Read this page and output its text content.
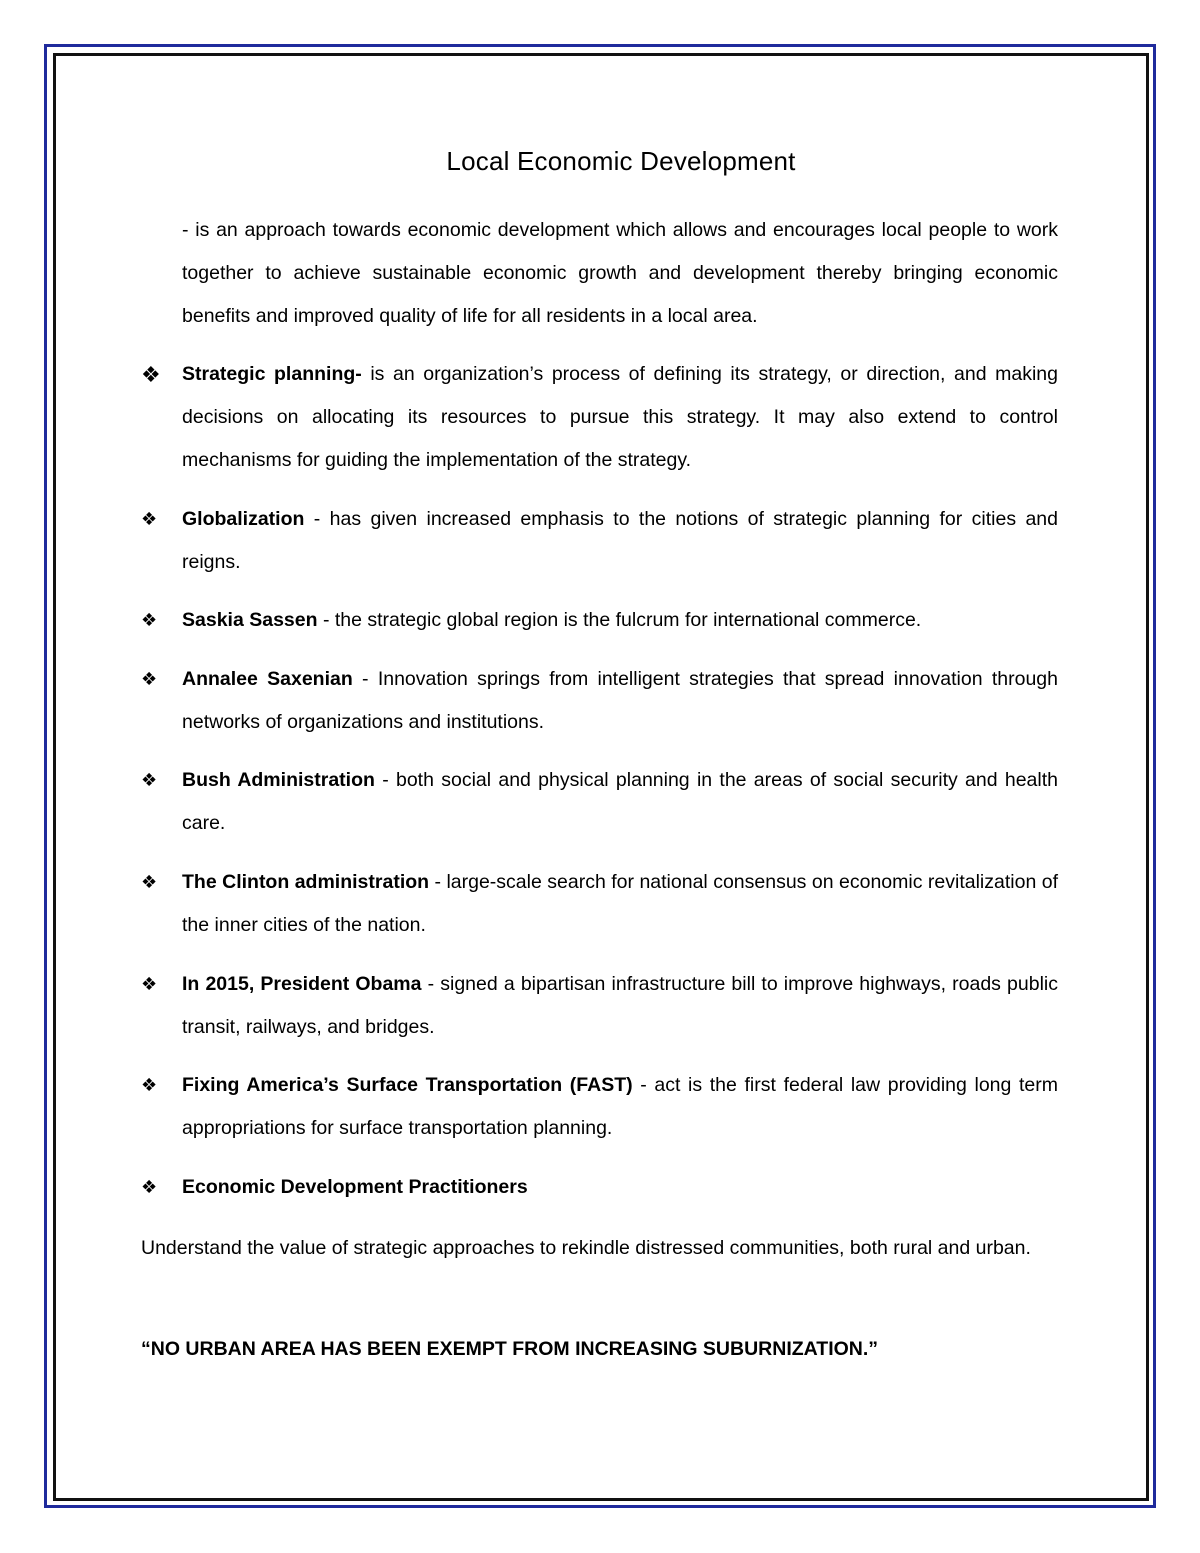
Local Economic Development
- is an approach towards economic development which allows and encourages local people to work together to achieve sustainable economic growth and development thereby bringing economic benefits and improved quality of life for all residents in a local area.
❖	Strategic planning- is an organization’s process of defining its strategy, or direction, and making decisions on allocating its resources to pursue this strategy. It may also extend to control mechanisms for guiding the implementation of the strategy.
❖	Globalization - has given increased emphasis to the notions of strategic planning for cities and reigns.
❖	Saskia Sassen - the strategic global region is the fulcrum for international commerce.
❖	Annalee Saxenian - Innovation springs from intelligent strategies that spread innovation through networks of organizations and institutions.
❖	Bush Administration - both social and physical planning in the areas of social security and health care.
❖	The Clinton administration - large-scale search for national consensus on economic revitalization of the inner cities of the nation.
❖	In 2015, President Obama - signed a bipartisan infrastructure bill to improve highways, roads public transit, railways, and bridges.
❖	Fixing America’s Surface Transportation (FAST) - act is the first federal law providing long term appropriations for surface transportation planning.
❖	Economic Development Practitioners
Understand the value of strategic approaches to rekindle distressed communities, both rural and urban.
“NO URBAN AREA HAS BEEN EXEMPT FROM INCREASING SUBURNIZATION.”
